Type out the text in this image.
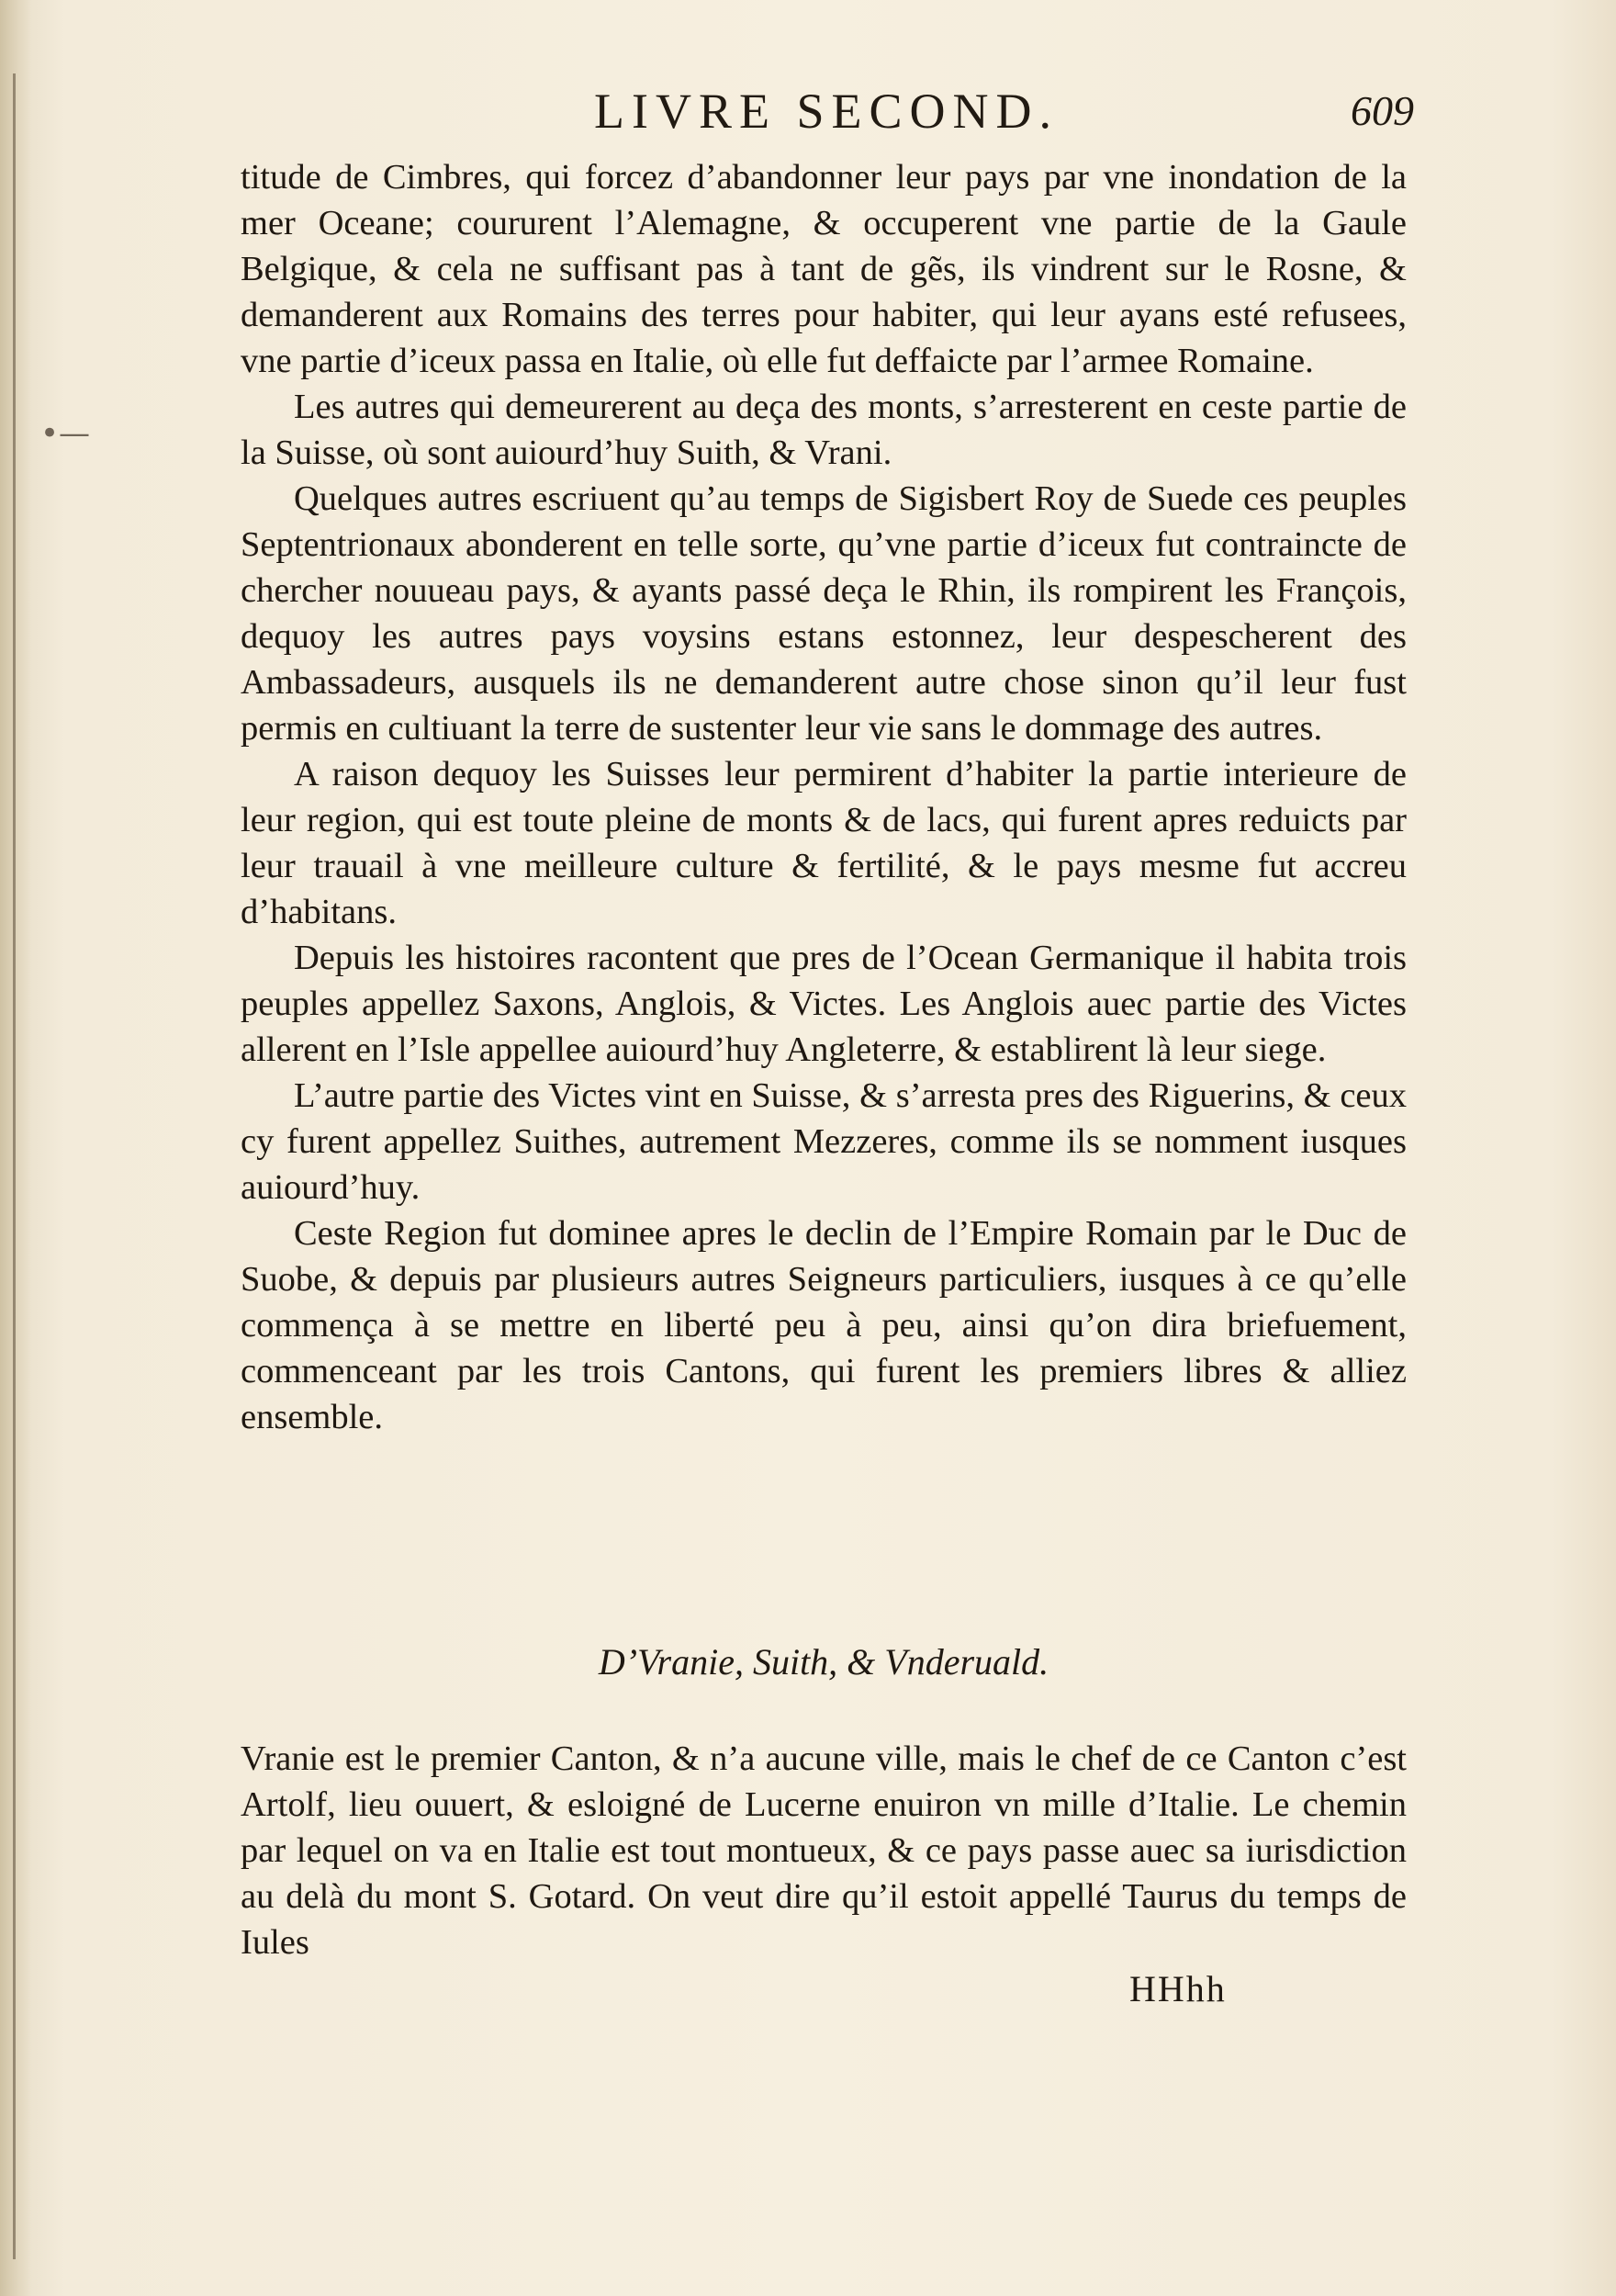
•—
LIVRE SECOND.	609

titude de Cimbres, qui forcez d’abandonner leur pays par vne inondation de la mer Oceane; coururent l’Alemagne, & occuperent vne partie de la Gaule Belgique, & cela ne suffisant pas à tant de gẽs, ils vindrent sur le Rosne, & demanderent aux Romains des terres pour habiter, qui leur ayans esté refusees, vne partie d’iceux passa en Italie, où elle fut deffaicte par l’armee Romaine.

Les autres qui demeurerent au deça des monts, s’arresterent en ceste partie de la Suisse, où sont auiourd’huy Suith, & Vrani.

Quelques autres escriuent qu’au temps de Sigisbert Roy de Suede ces peuples Septentrionaux abonderent en telle sorte, qu’vne partie d’iceux fut contraincte de chercher nouueau pays, & ayants passé deça le Rhin, ils rompirent les François, dequoy les autres pays voysins estans estonnez, leur despescherent des Ambassadeurs, ausquels ils ne demanderent autre chose sinon qu’il leur fust permis en cultiuant la terre de sustenter leur vie sans le dommage des autres.

A raison dequoy les Suisses leur permirent d’habiter la partie interieure de leur region, qui est toute pleine de monts & de lacs, qui furent apres reduicts par leur trauail à vne meilleure culture & fertilité, & le pays mesme fut accreu d’habitans.

Depuis les histoires racontent que pres de l’Ocean Germanique il habita trois peuples appellez Saxons, Anglois, & Victes. Les Anglois auec partie des Victes allerent en l’Isle appellee auiourd’huy Angleterre, & establirent là leur siege.

L’autre partie des Victes vint en Suisse, & s’arresta pres des Riguerins, & ceux cy furent appellez Suithes, autrement Mezzeres, comme ils se nomment iusques auiourd’huy.

Ceste Region fut dominee apres le declin de l’Empire Romain par le Duc de Suobe, & depuis par plusieurs autres Seigneurs particuliers, iusques à ce qu’elle commença à se mettre en liberté peu à peu, ainsi qu’on dira briefuement, commenceant par les trois Cantons, qui furent les premiers libres & alliez ensemble.

D’Vranie, Suith, & Vnderuald.

Vranie est le premier Canton, & n’a aucune ville, mais le chef de ce Canton c’est Artolf, lieu ouuert, & esloigné de Lucerne enuiron vn mille d’Italie. Le chemin par lequel on va en Italie est tout montueux, & ce pays passe auec sa iurisdiction au delà du mont S. Gotard. On veut dire qu’il estoit appellé Taurus du temps de Iules

HHhh
